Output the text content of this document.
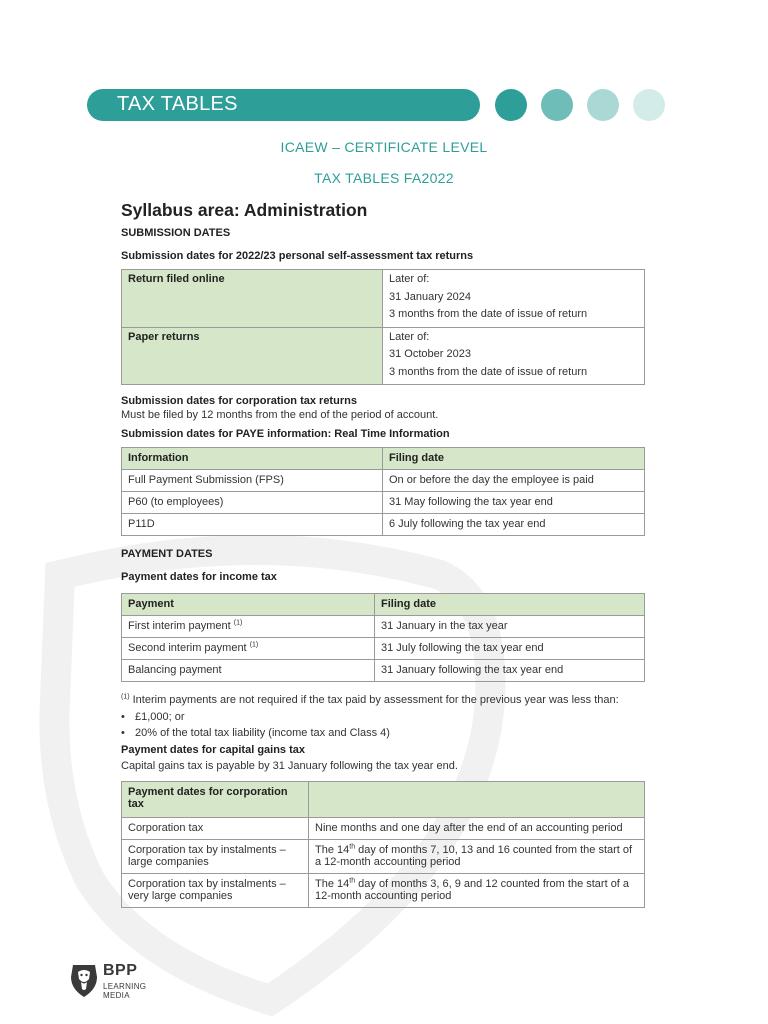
TAX TABLES
ICAEW – CERTIFICATE LEVEL
TAX TABLES FA2022
Syllabus area: Administration
SUBMISSION DATES
Submission dates for 2022/23 personal self-assessment tax returns
Return filed online	Later of:
31 January 2024
3 months from the date of issue of return

Paper returns	Later of:
31 October 2023
3 months from the date of issue of return
Submission dates for corporation tax returns
Must be filed by 12 months from the end of the period of account.
Submission dates for PAYE information: Real Time Information
Information	Filing date
Full Payment Submission (FPS)	On or before the day the employee is paid
P60 (to employees)	31 May following the tax year end
P11D	6 July following the tax year end
PAYMENT DATES
Payment dates for income tax
Payment	Filing date
First interim payment $^{(1)}$	31 January in the tax year
Second interim payment $^{(1)}$	31 July following the tax year end
Balancing payment	31 January following the tax year end
$^{(1)}$ Interim payments are not required if the tax paid by assessment for the previous year was less than:
• £1,000; or
• 20% of the total tax liability (income tax and Class 4)
Payment dates for capital gains tax
Capital gains tax is payable by 31 January following the tax year end.
Payment dates for corporation tax	
Corporation tax	Nine months and one day after the end of an accounting period
Corporation tax by instalments – large companies	The 14th day of months 7, 10, 13 and 16 counted from the start of a 12-month accounting period
Corporation tax by instalments – very large companies	The 14th day of months 3, 6, 9 and 12 counted from the start of a 12-month accounting period
BPP
LEARNING
MEDIA
